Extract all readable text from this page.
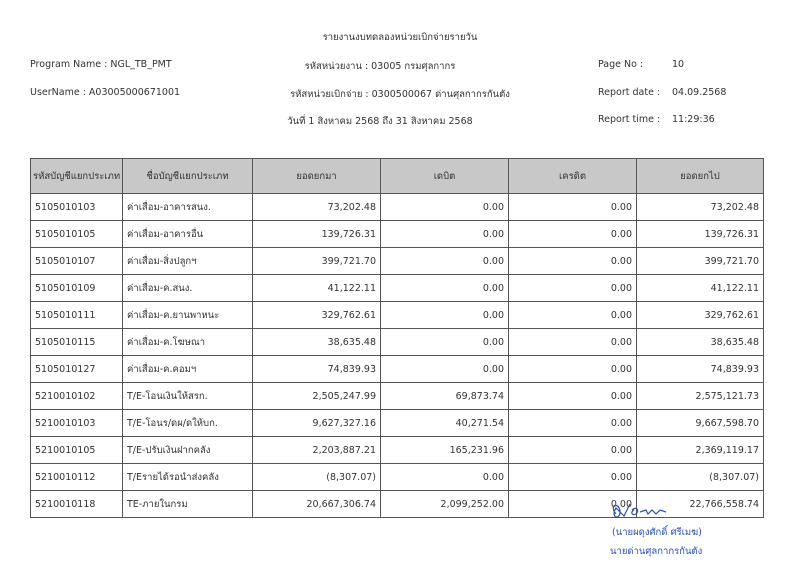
รายงานงบทดลองหน่วยเบิกจ่ายรายวัน
Program Name : NGL_TB_PMT
UserName : A03005000671001
รหัสหน่วยงาน : 03005 กรมศุลกากร
รหัสหน่วยเบิกจ่าย : 0300500067 ด่านศุลกากรกันตัง
วันที่ 1 สิงหาคม 2568 ถึง 31 สิงหาคม 2568
Page No :	10
Report date : 04.09.2568
Report time : 11:29:36
รหัสบัญชีแยกประเภท	ชื่อบัญชีแยกประเภท	ยอดยกมา	เดบิต	เครดิต	ยอดยกไป
5105010103	ค่าเสื่อม-อาคารสนง.	73,202.48	0.00	0.00	73,202.48
5105010105	ค่าเสื่อม-อาคารอื่น	139,726.31	0.00	0.00	139,726.31
5105010107	ค่าเสื่อม-สิ่งปลูกฯ	399,721.70	0.00	0.00	399,721.70
5105010109	ค่าเสื่อม-ค.สนง.	41,122.11	0.00	0.00	41,122.11
5105010111	ค่าเสื่อม-ค.ยานพาหนะ	329,762.61	0.00	0.00	329,762.61
5105010115	ค่าเสื่อม-ค.โฆษณา	38,635.48	0.00	0.00	38,635.48
5105010127	ค่าเสื่อม-ค.คอมฯ	74,839.93	0.00	0.00	74,839.93
5210010102	T/E-โอนเงินให้สรก.	2,505,247.99	69,873.74	0.00	2,575,121.73
5210010103	T/E-โอนร/ดผ/ดให้บก.	9,627,327.16	40,271.54	0.00	9,667,598.70
5210010105	T/E-ปรับเงินฝากคลัง	2,203,887.21	165,231.96	0.00	2,369,119.17
5210010112	T/Eรายได้รอนำส่งคลัง	(8,307.07)	0.00	0.00	(8,307.07)
5210010118	TE-ภายในกรม	20,667,306.74	2,099,252.00	0.00	22,766,558.74
(นายผดุงศักดิ์ ศรีเมฆ)
นายด่านศุลกากรกันตัง
